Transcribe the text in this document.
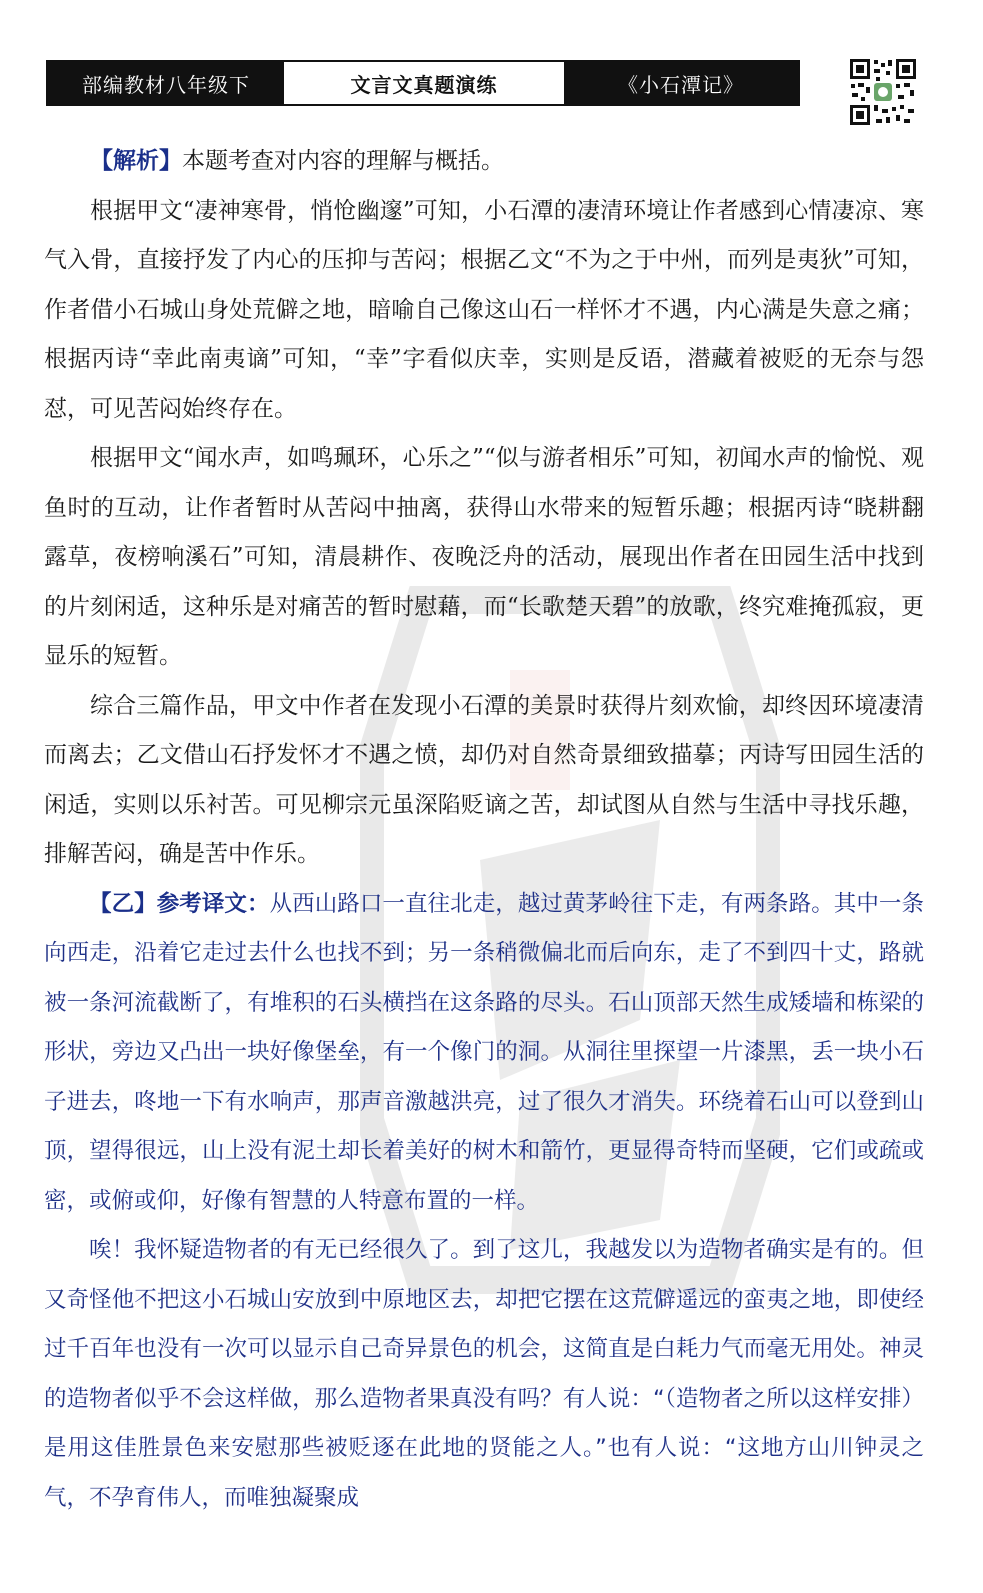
部编教材八年级下	文言文真题演练	《小石潭记》

【解析】本题考查对内容的理解与概括。

根据甲文“凄神寒骨，悄怆幽邃”可知，小石潭的凄清环境让作者感到心情凄凉、寒气入骨，直接抒发了内心的压抑与苦闷；根据乙文“不为之于中州，而列是夷狄”可知，作者借小石城山身处荒僻之地，暗喻自己像这山石一样怀才不遇，内心满是失意之痛；根据丙诗“幸此南夷谪”可知，“幸”字看似庆幸，实则是反语，潜藏着被贬的无奈与怨怼，可见苦闷始终存在。

根据甲文“闻水声，如鸣珮环，心乐之”“似与游者相乐”可知，初闻水声的愉悦、观鱼时的互动，让作者暂时从苦闷中抽离，获得山水带来的短暂乐趣；根据丙诗“晓耕翻露草，夜榜响溪石”可知，清晨耕作、夜晚泛舟的活动，展现出作者在田园生活中找到的片刻闲适，这种乐是对痛苦的暂时慰藉，而“长歌楚天碧”的放歌，终究难掩孤寂，更显乐的短暂。

综合三篇作品，甲文中作者在发现小石潭的美景时获得片刻欢愉，却终因环境凄清而离去；乙文借山石抒发怀才不遇之愤，却仍对自然奇景细致描摹；丙诗写田园生活的闲适，实则以乐衬苦。可见柳宗元虽深陷贬谪之苦，却试图从自然与生活中寻找乐趣，排解苦闷，确是苦中作乐。

【乙】参考译文：从西山路口一直往北走，越过黄茅岭往下走，有两条路。其中一条向西走，沿着它走过去什么也找不到；另一条稍微偏北而后向东，走了不到四十丈，路就被一条河流截断了，有堆积的石头横挡在这条路的尽头。石山顶部天然生成矮墙和栋梁的形状，旁边又凸出一块好像堡垒，有一个像门的洞。从洞往里探望一片漆黑，丢一块小石子进去，咚地一下有水响声，那声音激越洪亮，过了很久才消失。环绕着石山可以登到山顶，望得很远，山上没有泥土却长着美好的树木和箭竹，更显得奇特而坚硬，它们或疏或密，或俯或仰，好像有智慧的人特意布置的一样。

唉！我怀疑造物者的有无已经很久了。到了这儿，我越发以为造物者确实是有的。但又奇怪他不把这小石城山安放到中原地区去，却把它摆在这荒僻遥远的蛮夷之地，即使经过千百年也没有一次可以显示自己奇异景色的机会，这简直是白耗力气而毫无用处。神灵的造物者似乎不会这样做，那么造物者果真没有吗？有人说：“（造物者之所以这样安排）是用这佳胜景色来安慰那些被贬逐在此地的贤能之人。”也有人说：“这地方山川钟灵之气，不孕育伟人，而唯独凝聚成
